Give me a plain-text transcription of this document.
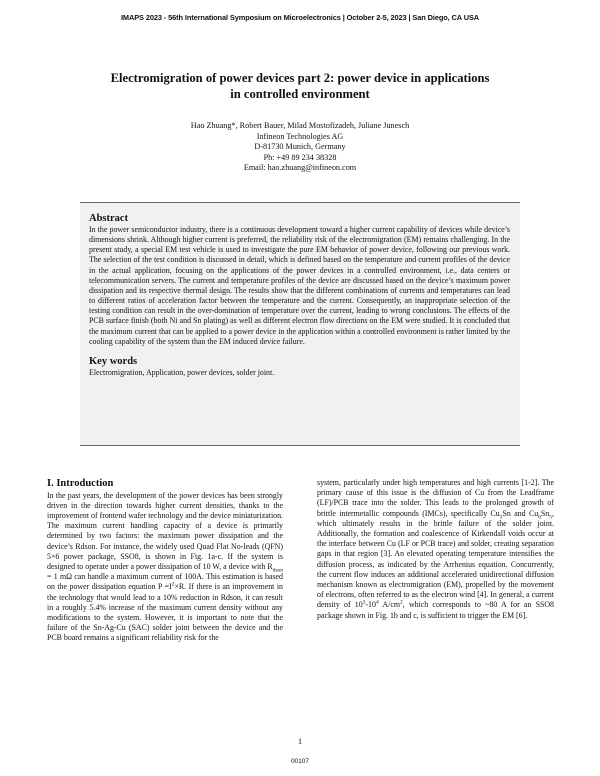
IMAPS 2023 - 56th International Symposium on Microelectronics | October 2-5, 2023 | San Diego, CA USA
Electromigration of power devices part 2: power device in applications
in controlled environment
Hao Zhuang*, Robert Bauer, Milad Mostofizadeh, Juliane Junesch
Infineon Technologies AG
D-81730 Munich, Germany
Ph: +49 89 234 38328
Email: hao.zhuang@infineon.com
Abstract

In the power semiconductor industry, there is a continuous development toward a higher current capability of devices while device’s dimensions shrink. Although higher current is preferred, the reliability risk of the electromigration (EM) remains challenging. In the present study, a special EM test vehicle is used to investigate the pure EM behavior of power device, following our previous work. The selection of the test condition is discussed in detail, which is defined based on the temperature and current profiles of the device in the actual application, focusing on the applications of the power devices in a controlled environment, i.e., data centers or telecommunication servers. The current and temperature profiles of the device are discussed based on the device’s maximum power dissipation and its respective thermal design. The results show that the different combinations of currents and temperatures can lead to different ratios of acceleration factor between the temperature and the current. Consequently, an inappropriate selection of the testing condition can result in the over-domination of temperature over the current, leading to wrong conclusions. The effects of the PCB surface finish (both Ni and Sn plating) as well as different electron flow directions on the EM were studied. It is concluded that the maximum current that can be applied to a power device in the application within a controlled environment is rather limited by the cooling capability of the system than the EM induced device failure.

Key words

Electromigration, Application, power devices, solder joint.

I. Introduction

In the past years, the development of the power devices has been strongly driven in the direction towards higher current densities, thanks to the improvement of frontend wafer technology and the device miniaturization. The maximum current handling capacity of a device is primarily determined by two factors: the maximum power dissipation and the device’s Rdson. For instance, the widely used Quad Flat No-leads (QFN) 5×6 power package, SSO8, is shown in Fig. 1a-c. If the system is designed to operate under a power dissipation of 10 W, a device with $R_{dson} = 1$ mΩ can handle a maximum current of 100A. This estimation is based on the power dissipation equation $P =I^2\times R$. If there is an improvement in the technology that would lead to a 10% reduction in Rdson, it can result in a roughly 5.4% increase of the maximum current density without any modifications to the system. However, it is important to note that the failure of the Sn-Ag-Cu (SAC) solder joint between the device and the PCB board remains a significant reliability risk for the

system, particularly under high temperatures and high currents [1-2]. The primary cause of this issue is the diffusion of Cu from the Leadframe (LF)/PCB trace into the solder. This leads to the prolonged growth of brittle intermetallic compounds (IMCs), specifically $Cu_3Sn$ and $Cu_6Sn_5$, which ultimately results in the brittle failure of the solder joint. Additionally, the formation and coalescence of Kirkendall voids occur at the interface between Cu (LF or PCB trace) and solder, creating separation gaps in that region [3]. An elevated operating temperature intensifies the diffusion process, as indicated by the Arrhenius equation. Concurrently, the current flow induces an additional accelerated unidirectional diffusion mechanism known as electromigration (EM), propelled by the movement of electrons, often referred to as the electron wind [4]. In general, a current density of $10^3-10^4$ $A/cm^2$, which corresponds to ~80 A for an SSO8 package shown in Fig. 1b and c, is sufficient to trigger the EM [6].

1
00107
